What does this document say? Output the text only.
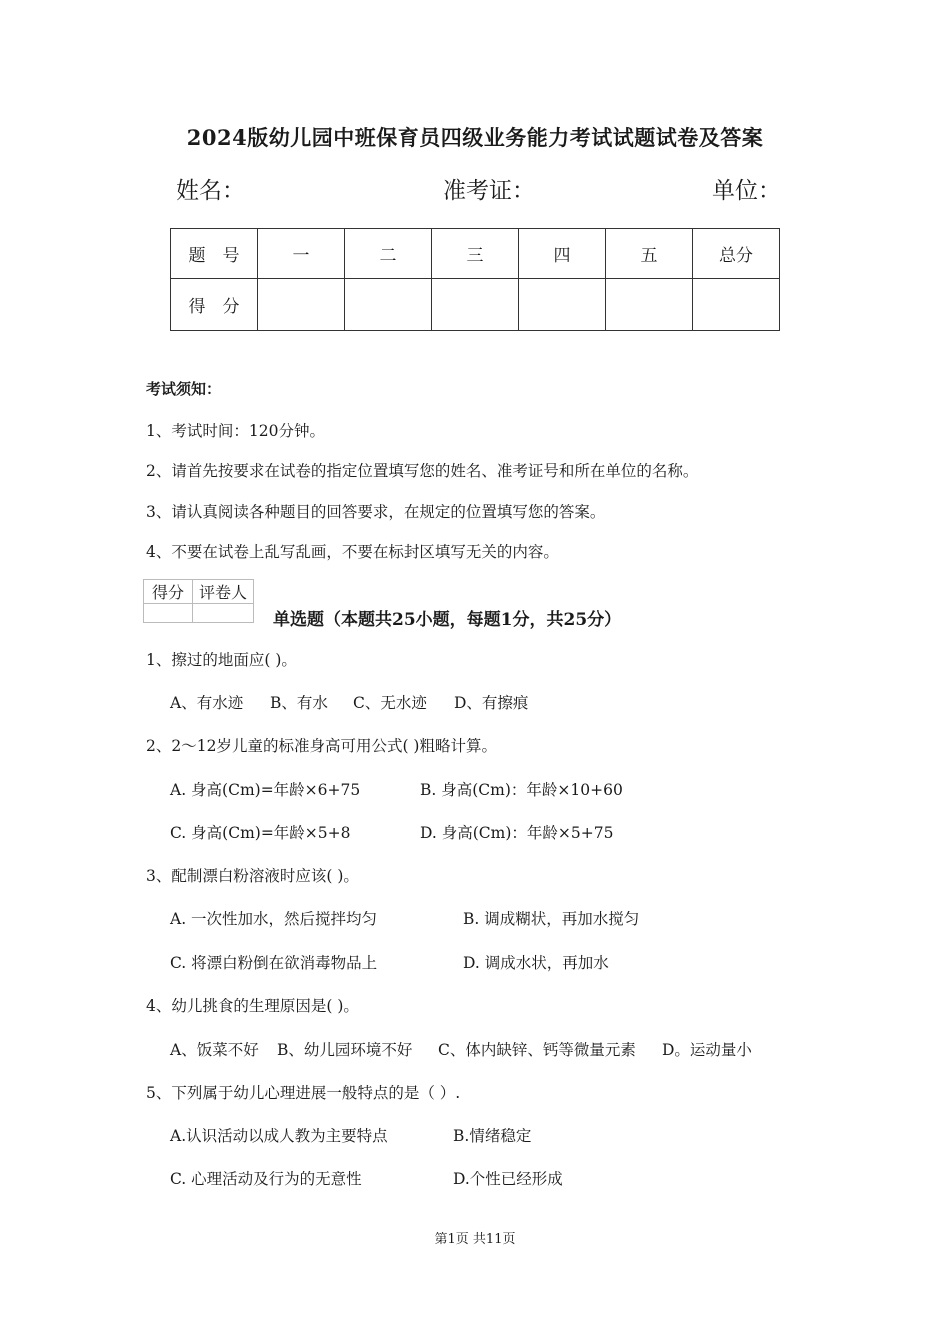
2024版幼儿园中班保育员四级业务能力考试试题试卷及答案
姓名：	准考证：	单位：
题　号	一	二	三	四	五	总分
得　分						
考试须知：
1、考试时间：120分钟。
2、请首先按要求在试卷的指定位置填写您的姓名、准考证号和所在单位的名称。
3、请认真阅读各种题目的回答要求，在规定的位置填写您的答案。
4、不要在试卷上乱写乱画，不要在标封区填写无关的内容。
得分	评卷人

单选题（本题共25小题，每题1分，共25分）
1、擦过的地面应( )。
A、有水迹 B、有水 C、无水迹 D、有擦痕
2、2～12岁儿童的标准身高可用公式( )粗略计算。
A. 身高(Cm)=年龄×6+75	B. 身高(Cm)：年龄×10+60
C. 身高(Cm)=年龄×5+8	D. 身高(Cm)：年龄×5+75
3、配制漂白粉溶液时应该( )。
A. 一次性加水，然后搅拌均匀	B. 调成糊状，再加水搅匀
C. 将漂白粉倒在欲消毒物品上	D. 调成水状，再加水
4、幼儿挑食的生理原因是( )。
A、饭菜不好 B、幼儿园环境不好 C、体内缺锌、钙等微量元素 D。运动量小
5、下列属于幼儿心理进展一般特点的是（ ）.
A.认识活动以成人教为主要特点	B.情绪稳定
C. 心理活动及行为的无意性	D.个性已经形成
第1页 共11页
